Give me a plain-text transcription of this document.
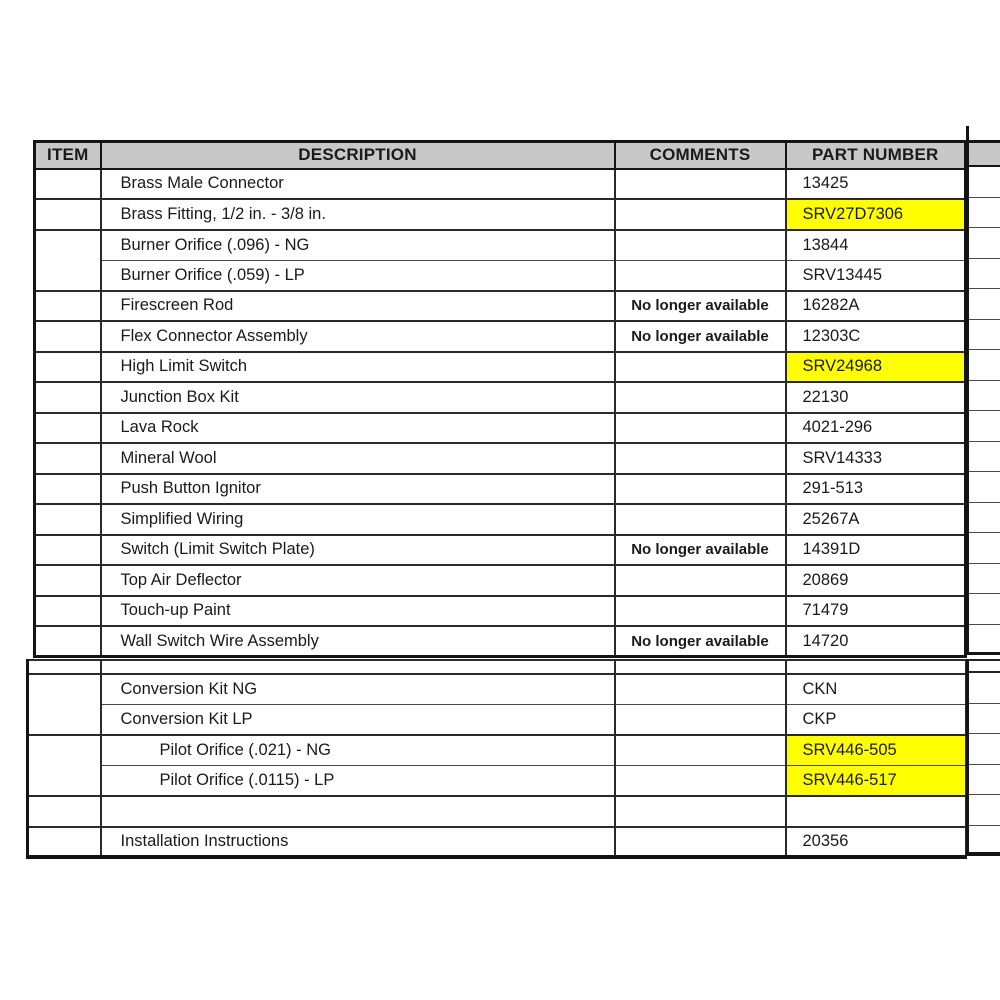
ITEM	DESCRIPTION	COMMENTS	PART NUMBER
	Brass Male Connector		13425
	Brass Fitting, 1/2 in. - 3/8 in.		SRV27D7306
	Burner Orifice (.096) - NG		13844
	Burner Orifice (.059) - LP		SRV13445
	Firescreen Rod	No longer available	16282A
	Flex Connector Assembly	No longer available	12303C
	High Limit Switch		SRV24968
	Junction Box Kit		22130
	Lava Rock		4021-296
	Mineral Wool		SRV14333
	Push Button Ignitor		291-513
	Simplified Wiring		25267A
	Switch (Limit Switch Plate)	No longer available	14391D
	Top Air Deflector		20869
	Touch-up Paint		71479
	Wall Switch Wire Assembly	No longer available	14720

	Conversion Kit NG		CKN
	Conversion Kit LP		CKP
	Pilot Orifice (.021) - NG		SRV446-505
	Pilot Orifice (.0115) - LP		SRV446-517

	Installation Instructions		20356
